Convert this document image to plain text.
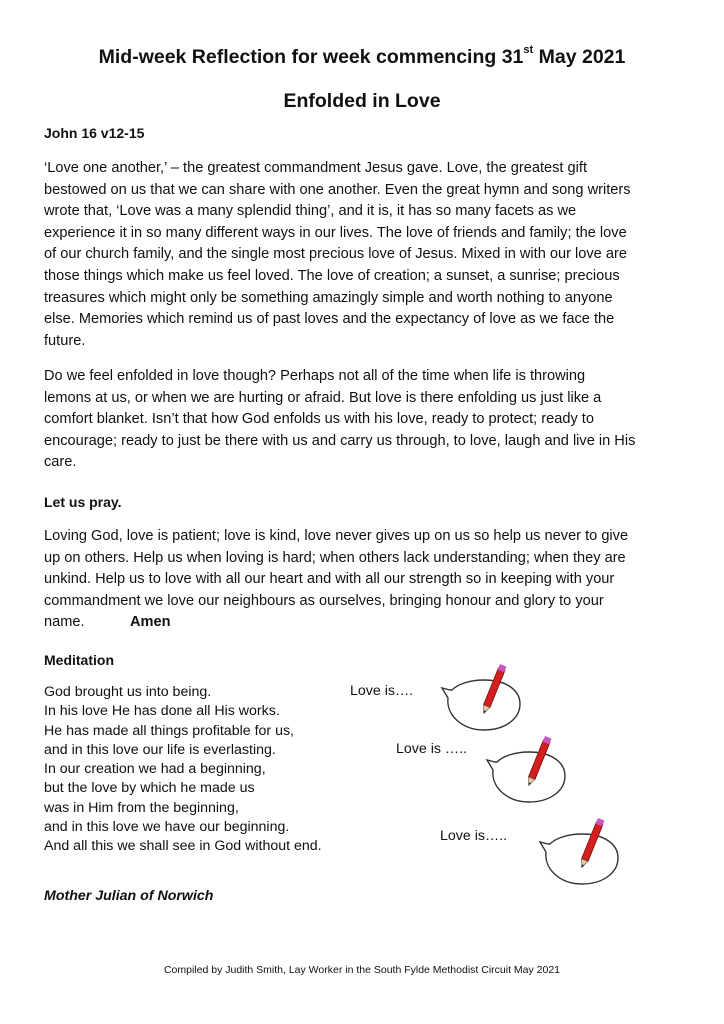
Mid-week Reflection for week commencing 31st May 2021
Enfolded in Love
John 16 v12-15
‘Love one another,’ – the greatest commandment Jesus gave. Love, the greatest gift
bestowed on us that we can share with one another. Even the great hymn and song writers
wrote that, ‘Love was a many splendid thing’, and it is, it has so many facets as we
experience it in so many different ways in our lives. The love of friends and family; the love
of our church family, and the single most precious love of Jesus. Mixed in with our love are
those things which make us feel loved. The love of creation; a sunset, a sunrise; precious
treasures which might only be something amazingly simple and worth nothing to anyone
else. Memories which remind us of past loves and the expectancy of love as we face the
future.
Do we feel enfolded in love though? Perhaps not all of the time when life is throwing
lemons at us, or when we are hurting or afraid. But love is there enfolding us just like a
comfort blanket. Isn’t that how God enfolds us with his love, ready to protect; ready to
encourage; ready to just be there with us and carry us through, to love, laugh and live in His
care.
Let us pray.
Loving God, love is patient; love is kind, love never gives up on us so help us never to give
up on others. Help us when loving is hard; when others lack understanding; when they are
unkind. Help us to love with all our heart and with all our strength so in keeping with your
commandment we love our neighbours as ourselves, bringing honour and glory to your
name.	Amen
Meditation
God brought us into being.
In his love He has done all His works.
He has made all things profitable for us,
and in this love our life is everlasting.
In our creation we had a beginning,
but the love by which he made us
was in Him from the beginning,
and in this love we have our beginning.
And all this we shall see in God without end.
Love is….
Love is …..
Love is…..
Mother Julian of Norwich
Compiled by Judith Smith, Lay Worker in the South Fylde Methodist Circuit May 2021
